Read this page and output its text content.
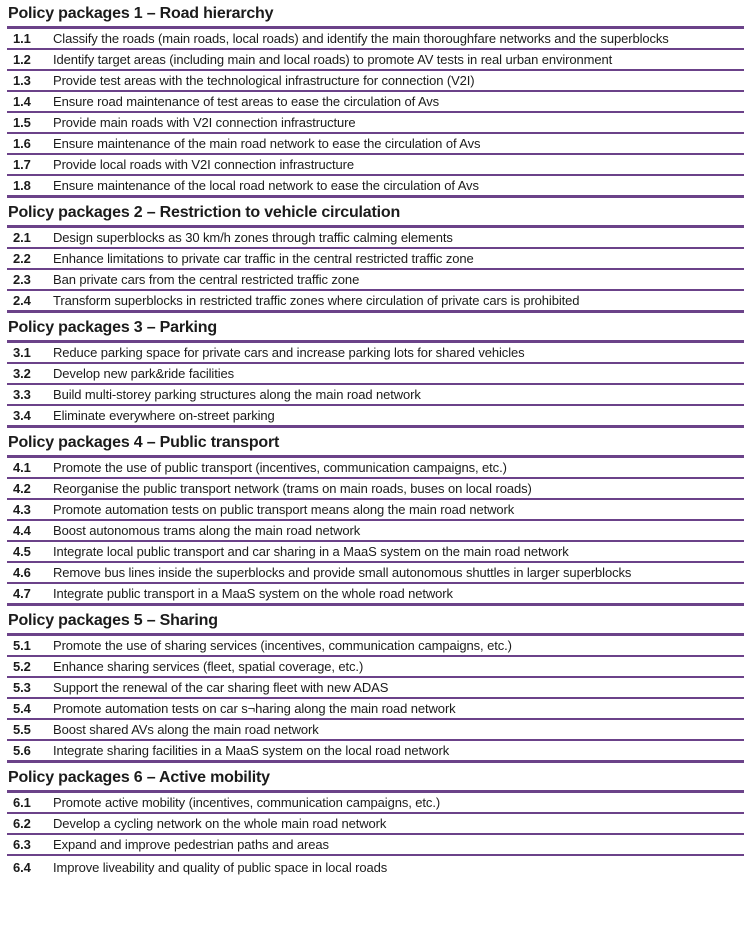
Policy packages 1 – Road hierarchy
1.1	Classify the roads (main roads, local roads) and identify the main thoroughfare networks and the superblocks
1.2	Identify target areas (including main and local roads) to promote AV tests in real urban environment
1.3	Provide test areas with the technological infrastructure for connection (V2I)
1.4	Ensure road maintenance of test areas to ease the circulation of Avs
1.5	Provide main roads with V2I connection infrastructure
1.6	Ensure maintenance of the main road network to ease the circulation of Avs
1.7	Provide local roads with V2I connection infrastructure
1.8	Ensure maintenance of the local road network to ease the circulation of Avs
Policy packages 2 – Restriction to vehicle circulation
2.1	Design superblocks as 30 km/h zones through traffic calming elements
2.2	Enhance limitations to private car traffic in the central restricted traffic zone
2.3	Ban private cars from the central restricted traffic zone
2.4	Transform superblocks in restricted traffic zones where circulation of private cars is prohibited
Policy packages 3 – Parking
3.1	Reduce parking space for private cars and increase parking lots for shared vehicles
3.2	Develop new park&ride facilities
3.3	Build multi-storey parking structures along the main road network
3.4	Eliminate everywhere on-street parking
Policy packages 4 – Public transport
4.1	Promote the use of public transport (incentives, communication campaigns, etc.)
4.2	Reorganise the public transport network (trams on main roads, buses on local roads)
4.3	Promote automation tests on public transport means along the main road network
4.4	Boost autonomous trams along the main road network
4.5	Integrate local public transport and car sharing in a MaaS system on the main road network
4.6	Remove bus lines inside the superblocks and provide small autonomous shuttles in larger superblocks
4.7	Integrate public transport in a MaaS system on the whole road network
Policy packages 5 – Sharing
5.1	Promote the use of sharing services (incentives, communication campaigns, etc.)
5.2	Enhance sharing services (fleet, spatial coverage, etc.)
5.3	Support the renewal of the car sharing fleet with new ADAS
5.4	Promote automation tests on car s¬haring along the main road network
5.5	Boost shared AVs along the main road network
5.6	Integrate sharing facilities in a MaaS system on the local road network
Policy packages 6 – Active mobility
6.1	Promote active mobility (incentives, communication campaigns, etc.)
6.2	Develop a cycling network on the whole main road network
6.3	Expand and improve pedestrian paths and areas
6.4	Improve liveability and quality of public space in local roads
